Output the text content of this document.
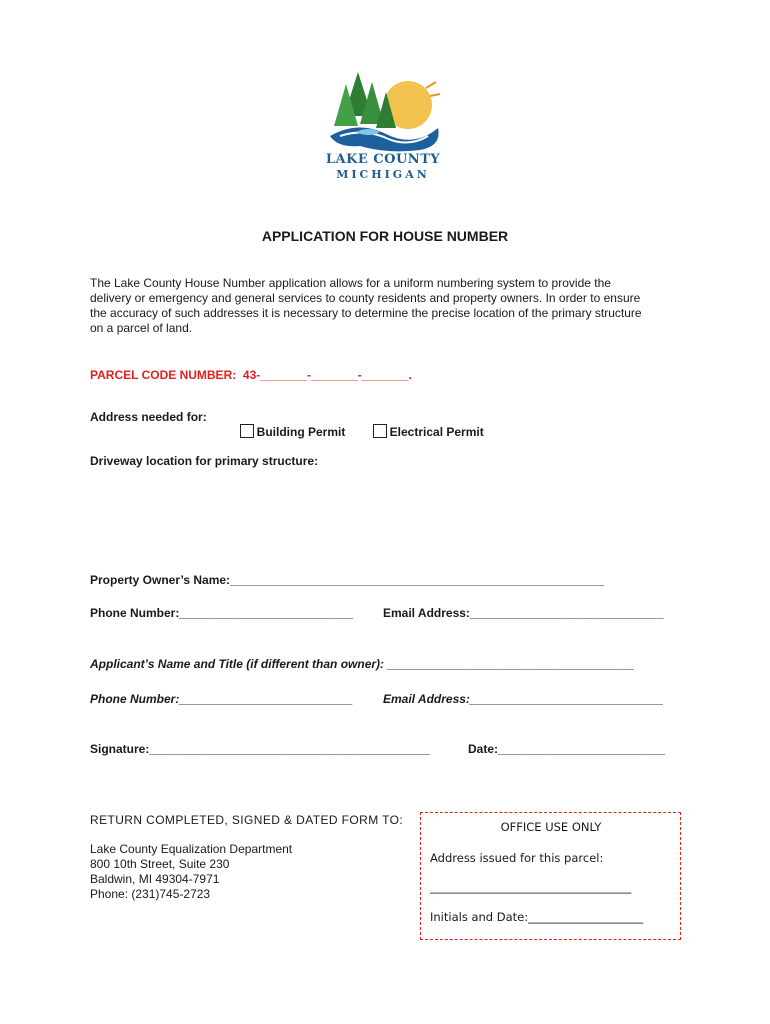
LAKE COUNTY
MICHIGAN
APPLICATION FOR HOUSE NUMBER
The Lake County House Number application allows for a uniform numbering system to provide the
delivery or emergency and general services to county residents and property owners. In order to ensure
the accuracy of such addresses it is necessary to determine the precise location of the primary structure
on a parcel of land.
PARCEL CODE NUMBER:  43-_______-_______-_______.
Address needed for:

Building Permit	Electrical Permit

Driveway location for primary structure:
Property Owner’s Name:________________________________________________________
Phone Number:__________________________	Email Address:_____________________________
Applicant’s Name and Title (if different than owner): _____________________________________
Phone Number:__________________________	Email Address:_____________________________
Signature:__________________________________________	Date:_________________________
RETURN COMPLETED, SIGNED & DATED FORM TO:
Lake County Equalization Department
800 10th Street, Suite 230
Baldwin, MI 49304-7971
Phone: (231)745-2723
OFFICE USE ONLY
Address issued for this parcel:
___________________________________
Initials and Date:____________________
